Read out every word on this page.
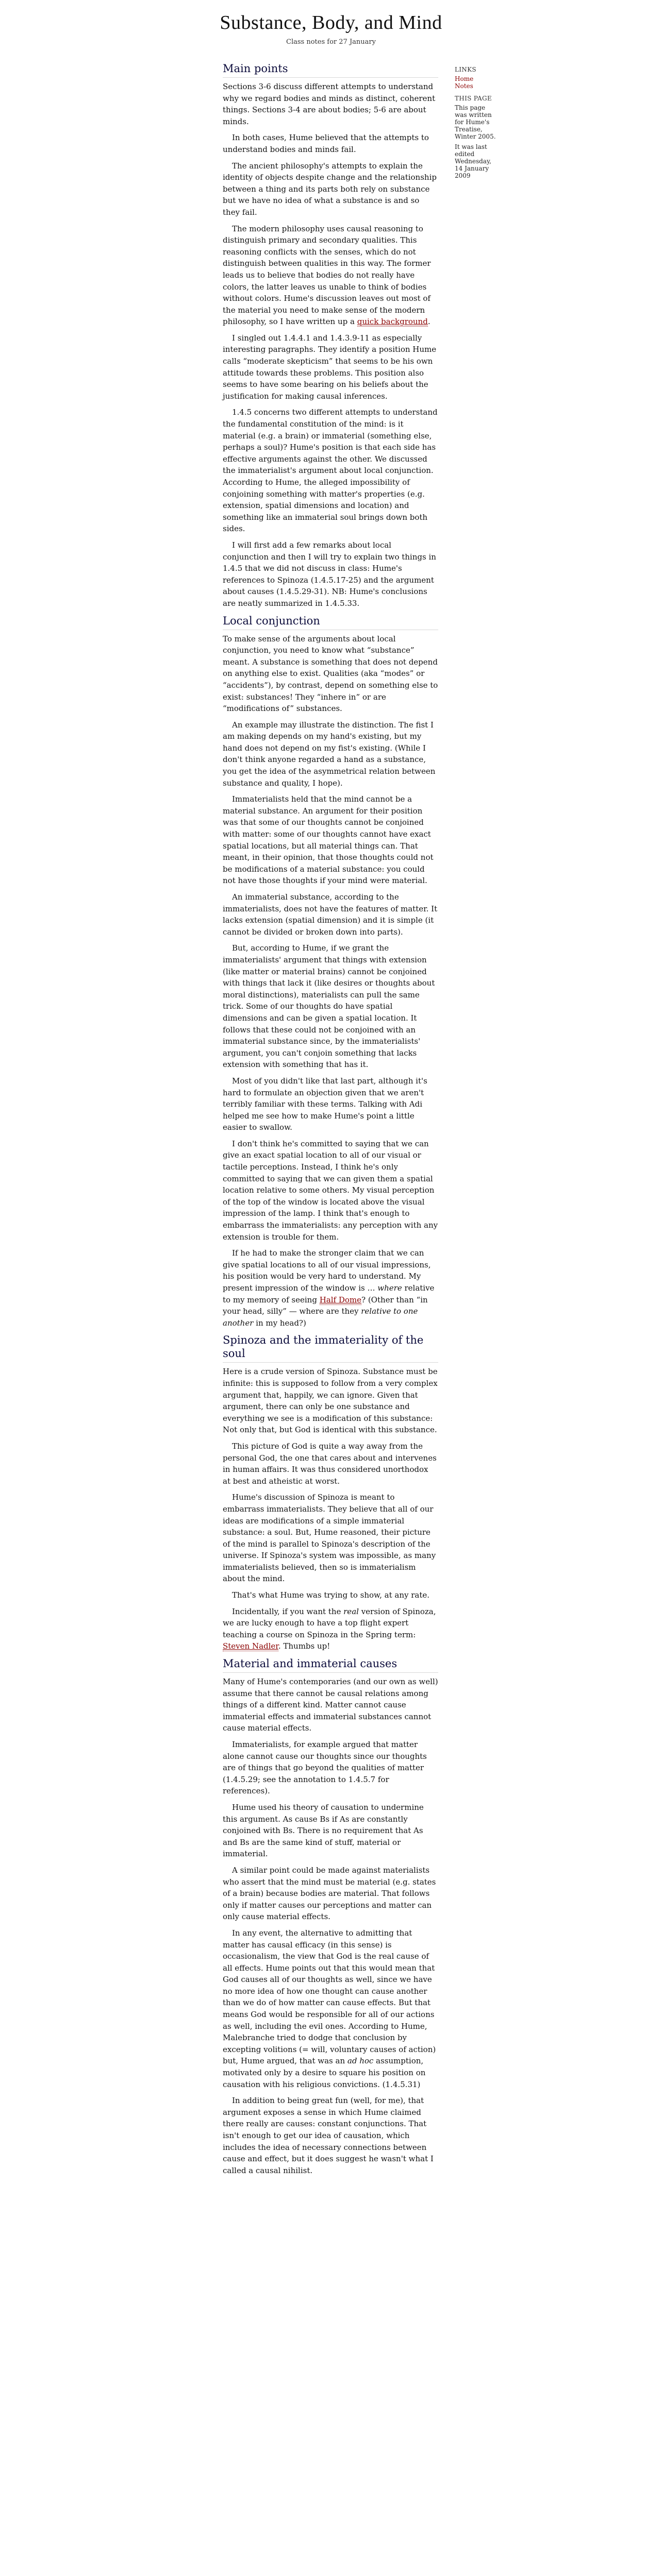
Substance, Body, and Mind
Class notes for 27 January
Main points

Sections 3-6 discuss different attempts to understand why we regard bodies and minds as distinct, coherent things. Sections 3-4 are about bodies; 5-6 are about minds.

In both cases, Hume believed that the attempts to understand bodies and minds fail.

The ancient philosophy's attempts to explain the identity of objects despite change and the relationship between a thing and its parts both rely on substance but we have no idea of what a substance is and so they fail.

The modern philosophy uses causal reasoning to distinguish primary and secondary qualities. This reasoning conflicts with the senses, which do not distinguish between qualities in this way. The former leads us to believe that bodies do not really have colors, the latter leaves us unable to think of bodies without colors. Hume's discussion leaves out most of the material you need to make sense of the modern philosophy, so I have written up a quick background.

I singled out 1.4.4.1 and 1.4.3.9-11 as especially interesting paragraphs. They identify a position Hume calls “moderate skepticism” that seems to be his own attitude towards these problems. This position also seems to have some bearing on his beliefs about the justification for making causal inferences.

1.4.5 concerns two different attempts to understand the fundamental constitution of the mind: is it material (e.g. a brain) or immaterial (something else, perhaps a soul)? Hume's position is that each side has effective arguments against the other. We discussed the immaterialist's argument about local conjunction. According to Hume, the alleged impossibility of conjoining something with matter's properties (e.g. extension, spatial dimensions and location) and something like an immaterial soul brings down both sides.

I will first add a few remarks about local conjunction and then I will try to explain two things in 1.4.5 that we did not discuss in class: Hume's references to Spinoza (1.4.5.17-25) and the argument about causes (1.4.5.29-31). NB: Hume's conclusions are neatly summarized in 1.4.5.33.

Local conjunction

To make sense of the arguments about local conjunction, you need to know what “substance” meant. A substance is something that does not depend on anything else to exist. Qualities (aka “modes” or “accidents”), by contrast, depend on something else to exist: substances! They “inhere in” or are “modifications of” substances.

An example may illustrate the distinction. The fist I am making depends on my hand's existing, but my hand does not depend on my fist's existing. (While I don't think anyone regarded a hand as a substance, you get the idea of the asymmetrical relation between substance and quality, I hope).

Immaterialists held that the mind cannot be a material substance. An argument for their position was that some of our thoughts cannot be conjoined with matter: some of our thoughts cannot have exact spatial locations, but all material things can. That meant, in their opinion, that those thoughts could not be modifications of a material substance: you could not have those thoughts if your mind were material.

An immaterial substance, according to the immaterialists, does not have the features of matter. It lacks extension (spatial dimension) and it is simple (it cannot be divided or broken down into parts).

But, according to Hume, if we grant the immaterialists' argument that things with extension (like matter or material brains) cannot be conjoined with things that lack it (like desires or thoughts about moral distinctions), materialists can pull the same trick. Some of our thoughts do have spatial dimensions and can be given a spatial location. It follows that these could not be conjoined with an immaterial substance since, by the immaterialists' argument, you can't conjoin something that lacks extension with something that has it.

Most of you didn't like that last part, although it's hard to formulate an objection given that we aren't terribly familiar with these terms. Talking with Adi helped me see how to make Hume's point a little easier to swallow.

I don't think he's committed to saying that we can give an exact spatial location to all of our visual or tactile perceptions. Instead, I think he's only committed to saying that we can given them a spatial location relative to some others. My visual perception of the top of the window is located above the visual impression of the lamp. I think that's enough to embarrass the immaterialists: any perception with any extension is trouble for them.

If he had to make the stronger claim that we can give spatial locations to all of our visual impressions, his position would be very hard to understand. My present impression of the window is … where relative to my memory of seeing Half Dome? (Other than “in your head, silly” — where are they relative to one another in my head?)

Spinoza and the immateriality of the soul

Here is a crude version of Spinoza. Substance must be infinite: this is supposed to follow from a very complex argument that, happily, we can ignore. Given that argument, there can only be one substance and everything we see is a modification of this substance: Not only that, but God is identical with this substance.

This picture of God is quite a way away from the personal God, the one that cares about and intervenes in human affairs. It was thus considered unorthodox at best and atheistic at worst.

Hume's discussion of Spinoza is meant to embarrass immaterialists. They believe that all of our ideas are modifications of a simple immaterial substance: a soul. But, Hume reasoned, their picture of the mind is parallel to Spinoza's description of the universe. If Spinoza's system was impossible, as many immaterialists believed, then so is immaterialism about the mind.

That's what Hume was trying to show, at any rate.

Incidentally, if you want the real version of Spinoza, we are lucky enough to have a top flight expert teaching a course on Spinoza in the Spring term: Steven Nadler. Thumbs up!

Material and immaterial causes

Many of Hume's contemporaries (and our own as well) assume that there cannot be causal relations among things of a different kind. Matter cannot cause immaterial effects and immaterial substances cannot cause material effects.

Immaterialists, for example argued that matter alone cannot cause our thoughts since our thoughts are of things that go beyond the qualities of matter (1.4.5.29; see the annotation to 1.4.5.7 for references).

Hume used his theory of causation to undermine this argument. As cause Bs if As are constantly conjoined with Bs. There is no requirement that As and Bs are the same kind of stuff, material or immaterial.

A similar point could be made against materialists who assert that the mind must be material (e.g. states of a brain) because bodies are material. That follows only if matter causes our perceptions and matter can only cause material effects.

In any event, the alternative to admitting that matter has causal efficacy (in this sense) is occasionalism, the view that God is the real cause of all effects. Hume points out that this would mean that God causes all of our thoughts as well, since we have no more idea of how one thought can cause another than we do of how matter can cause effects. But that means God would be responsible for all of our actions as well, including the evil ones. According to Hume, Malebranche tried to dodge that conclusion by excepting volitions (= will, voluntary causes of action) but, Hume argued, that was an ad hoc assumption, motivated only by a desire to square his position on causation with his religious convictions. (1.4.5.31)

In addition to being great fun (well, for me), that argument exposes a sense in which Hume claimed there really are causes: constant conjunctions. That isn't enough to get our idea of causation, which includes the idea of necessary connections between cause and effect, but it does suggest he wasn't what I called a causal nihilist.

LINKS
Home
Notes
THIS PAGE

This page was written for Hume's Treatise, Winter 2005.

It was last edited Wednesday, 14 January 2009
